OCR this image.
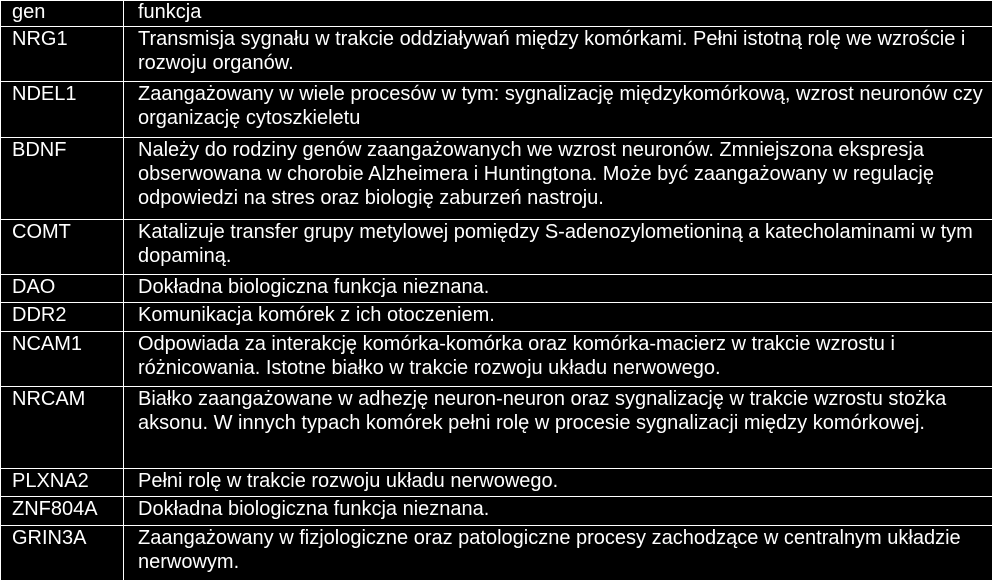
gen	funkcja
NRG1	Transmisja sygnału w trakcie oddziaływań między komórkami. Pełni istotną rolę we wzroście i rozwoju organów.
NDEL1	Zaangażowany w wiele procesów w tym: sygnalizację międzykomórkową, wzrost neuronów czy organizację cytoszkieletu
BDNF	Należy do rodziny genów zaangażowanych we wzrost neuronów. Zmniejszona ekspresja obserwowana w chorobie Alzheimera i Huntingtona. Może być zaangażowany w regulację odpowiedzi na stres oraz biologię zaburzeń nastroju.
COMT	Katalizuje transfer grupy metylowej pomiędzy S-adenozylometioniną a katecholaminami w tym dopaminą.
DAO	Dokładna biologiczna funkcja nieznana.
DDR2	Komunikacja komórek z ich otoczeniem.
NCAM1	Odpowiada za interakcję komórka-komórka oraz komórka-macierz w trakcie wzrostu i różnicowania. Istotne białko w trakcie rozwoju układu nerwowego.
NRCAM	Białko zaangażowane w adhezję neuron-neuron oraz sygnalizację w trakcie wzrostu stożka aksonu. W innych typach komórek pełni rolę w procesie sygnalizacji między komórkowej.
PLXNA2	Pełni rolę w trakcie rozwoju układu nerwowego.
ZNF804A	Dokładna biologiczna funkcja nieznana.
GRIN3A	Zaangażowany w fizjologiczne oraz patologiczne procesy zachodzące w centralnym układzie nerwowym.
